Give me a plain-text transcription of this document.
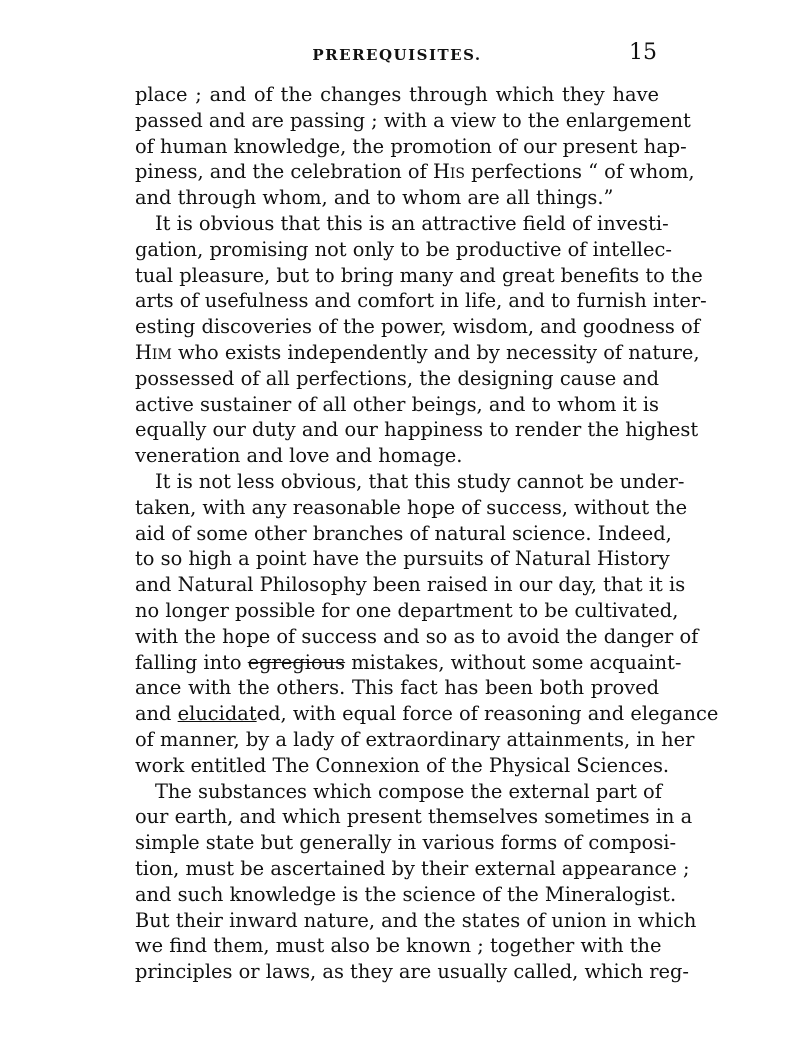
PREREQUISITES.	15
place ; and of the changes through which they have
passed and are passing ; with a view to the enlargement
of human knowledge, the promotion of our present hap-
piness, and the celebration of His perfections “ of whom,
and through whom, and to whom are all things.”
It is obvious that this is an attractive field of investi-
gation, promising not only to be productive of intellec-
tual pleasure, but to bring many and great benefits to the
arts of usefulness and comfort in life, and to furnish inter-
esting discoveries of the power, wisdom, and goodness of
Him who exists independently and by necessity of nature,
possessed of all perfections, the designing cause and
active sustainer of all other beings, and to whom it is
equally our duty and our happiness to render the highest
veneration and love and homage.
It is not less obvious, that this study cannot be under-
taken, with any reasonable hope of success, without the
aid of some other branches of natural science. Indeed,
to so high a point have the pursuits of Natural History
and Natural Philosophy been raised in our day, that it is
no longer possible for one department to be cultivated,
with the hope of success and so as to avoid the danger of
falling into egregious mistakes, without some acquaint-
ance with the others. This fact has been both proved
and elucidated, with equal force of reasoning and elegance
of manner, by a lady of extraordinary attainments, in her
work entitled The Connexion of the Physical Sciences.
The substances which compose the external part of
our earth, and which present themselves sometimes in a
simple state but generally in various forms of composi-
tion, must be ascertained by their external appearance ;
and such knowledge is the science of the Mineralogist.
But their inward nature, and the states of union in which
we find them, must also be known ; together with the
principles or laws, as they are usually called, which reg-
